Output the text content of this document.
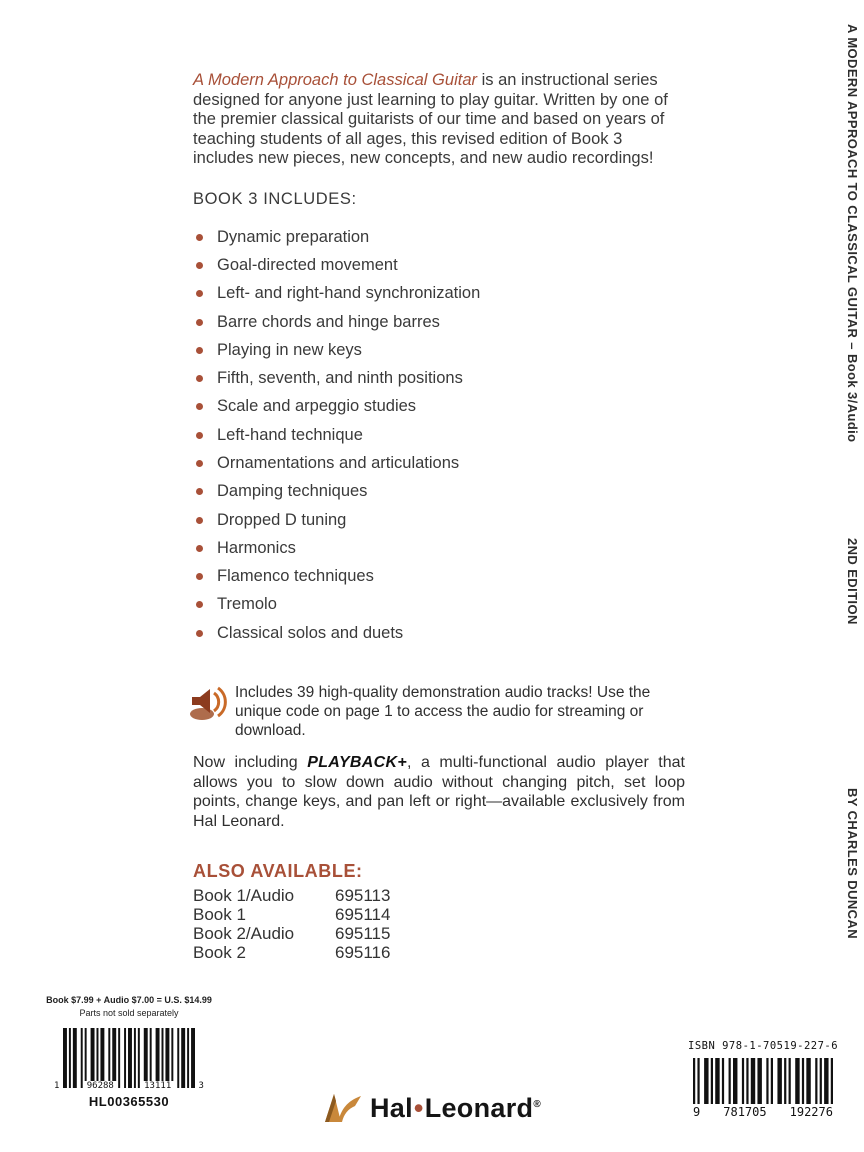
A Modern Approach to Classical Guitar is an instructional series designed for anyone just learning to play guitar. Written by one of the premier classical guitarists of our time and based on years of teaching students of all ages, this revised edition of Book 3 includes new pieces, new concepts, and new audio recordings!

BOOK 3 INCLUDES:
Dynamic preparation
Goal-directed movement
Left- and right-hand synchronization
Barre chords and hinge barres
Playing in new keys
Fifth, seventh, and ninth positions
Scale and arpeggio studies
Left-hand technique
Ornamentations and articulations
Damping techniques
Dropped D tuning
Harmonics
Flamenco techniques
Tremolo
Classical solos and duets

Includes 39 high-quality demonstration audio tracks! Use the unique code on page 1 to access the audio for streaming or download.

Now including PLAYBACK+, a multi-functional audio player that allows you to slow down audio without changing pitch, set loop points, change keys, and pan left or right—available exclusively from Hal Leonard.

ALSO AVAILABLE:
Book 1/Audio	695113
Book 1	695114
Book 2/Audio	695115
Book 2	695116
A MODERN APPROACH TO CLASSICAL GUITAR – Book 3/Audio
2ND EDITION
BY CHARLES DUNCAN
Book $7.99 + Audio $7.00 = U.S. $14.99
Parts not sold separately
1	96288	13111	3
HL00365530	Hal•Leonard®
ISBN 978-1-70519-227-6
9 781705 192276
